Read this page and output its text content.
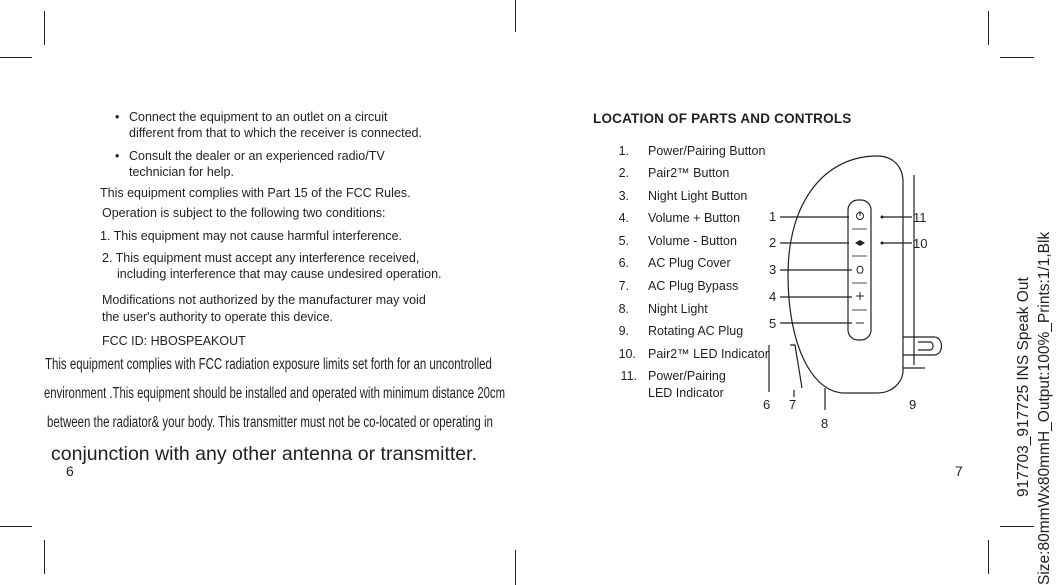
• Connect the equipment to an outlet on a circuit
different from that to which the receiver is connected.
• Consult the dealer or an experienced radio/TV
technician for help.
This equipment complies with Part 15 of the FCC Rules.
Operation is subject to the following two conditions:
1. This equipment may not cause harmful interference.
2. This equipment must accept any interference received,
including interference that may cause undesired operation.
Modifications not authorized by the manufacturer may void
the user's authority to operate this device.
FCC ID: HBOSPEAKOUT
This equipment complies with FCC radiation exposure limits set forth for an uncontrolled
environment .This equipment should be installed and operated with minimum distance 20cm
between the radiator& your body. This transmitter must not be co-located or operating in
conjunction with any other antenna or transmitter.
6
LOCATION OF PARTS AND CONTROLS
1. Power/Pairing Button
2. Pair2™ Button
3. Night Light Button
4. Volume + Button
5. Volume - Button
6. AC Plug Cover
7. AC Plug Bypass
8. Night Light
9. Rotating AC Plug
10. Pair2™ LED Indicator
11. Power/Pairing
LED Indicator
1
2
3
4
5
6 7
8
9
10
11
7	917703_917725 INS Speak Out Size:80mmWx80mmH_Output:100%_Prints:1/1,Blk
